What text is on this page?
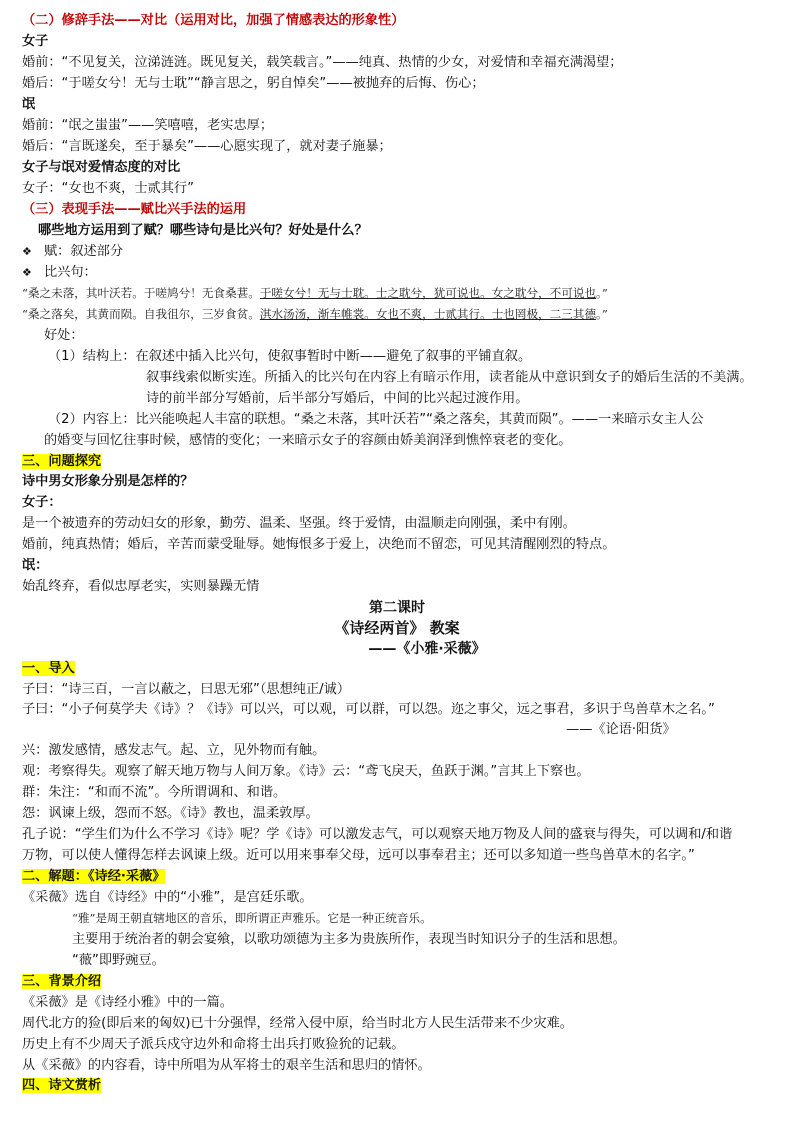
（二）修辞手法——对比（运用对比，加强了情感表达的形象性）
女子
婚前：“不见复关，泣涕涟涟。既见复关，载笑载言。”——纯真、热情的少女，对爱情和幸福充满渴望；
婚后：“于嗟女兮！无与士耽”“静言思之，躬自悼矣”——被抛弃的后悔、伤心；
氓
婚前：“氓之蚩蚩”——笑嘻嘻，老实忠厚；
婚后：“言既遂矣，至于暴矣”——心愿实现了，就对妻子施暴；
女子与氓对爱情态度的对比
女子：“女也不爽，士贰其行”
（三）表现手法——赋比兴手法的运用
哪些地方运用到了赋？哪些诗句是比兴句？好处是什么？
❖ 赋：叙述部分
❖ 比兴句：
“桑之未落，其叶沃若。于嗟鸠兮！无食桑葚。于嗟女兮！无与士耽。士之耽兮，犹可说也。女之耽兮，不可说也。”
“桑之落矣，其黄而陨。自我徂尔，三岁食贫。淇水汤汤，渐车帷裳。女也不爽，士贰其行。士也罔极，二三其德。”
好处：
（1）结构上：在叙述中插入比兴句，使叙事暂时中断——避免了叙事的平铺直叙。
叙事线索似断实连。所插入的比兴句在内容上有暗示作用，读者能从中意识到女子的婚后生活的不美满。
诗的前半部分写婚前，后半部分写婚后，中间的比兴起过渡作用。
（2）内容上：比兴能唤起人丰富的联想。“桑之未落，其叶沃若”“桑之落矣，其黄而陨”。——一来暗示女主人公
的婚变与回忆往事时候，感情的变化；一来暗示女子的容颜由娇美润泽到憔悴衰老的变化。
三、问题探究
诗中男女形象分别是怎样的？
女子：
是一个被遗弃的劳动妇女的形象，勤劳、温柔、坚强。终于爱情，由温顺走向刚强，柔中有刚。
婚前，纯真热情；婚后，辛苦而蒙受耻辱。她悔恨多于爱上，决绝而不留恋，可见其清醒刚烈的特点。
氓：
始乱终弃，看似忠厚老实，实则暴躁无情
第二课时
《诗经两首》 教案
——《小雅·采薇》
一、导入
子曰：“诗三百，一言以蔽之，曰思无邪”（思想纯正/诚）
子曰：“小子何莫学夫《诗》？《诗》可以兴，可以观，可以群，可以怨。迩之事父，远之事君，多识于鸟兽草木之名。”
——《论语·阳货》
兴：激发感情，感发志气。起、立，见外物而有触。
观：考察得失。观察了解天地万物与人间万象。《诗》云：“鸢飞戾天，鱼跃于渊。”言其上下察也。
群：朱注：“和而不流”。今所谓调和、和谐。
怨：讽谏上级，怨而不怒。《诗》教也，温柔敦厚。
孔子说：“学生们为什么不学习《诗》呢？学《诗》可以激发志气，可以观察天地万物及人间的盛衰与得失，可以调和/和谐
万物，可以使人懂得怎样去讽谏上级。近可以用来事奉父母，远可以事奉君主；还可以多知道一些鸟兽草木的名字。”
二、解题：《诗经·采薇》
《采薇》选自《诗经》中的“小雅”，是宫廷乐歌。
“雅”是周王朝直辖地区的音乐，即所谓正声雅乐。它是一种正统音乐。
主要用于统治者的朝会宴飨，以歌功颂德为主多为贵族所作，表现当时知识分子的生活和思想。
“薇”即野豌豆。
三、背景介绍
《采薇》是《诗经小雅》中的一篇。
周代北方的猃(即后来的匈奴)已十分强悍，经常入侵中原，给当时北方人民生活带来不少灾难。
历史上有不少周天子派兵戍守边外和命将士出兵打败猃狁的记载。
从《采薇》的内容看，诗中所唱为从军将士的艰辛生活和思归的情怀。
四、诗文赏析
